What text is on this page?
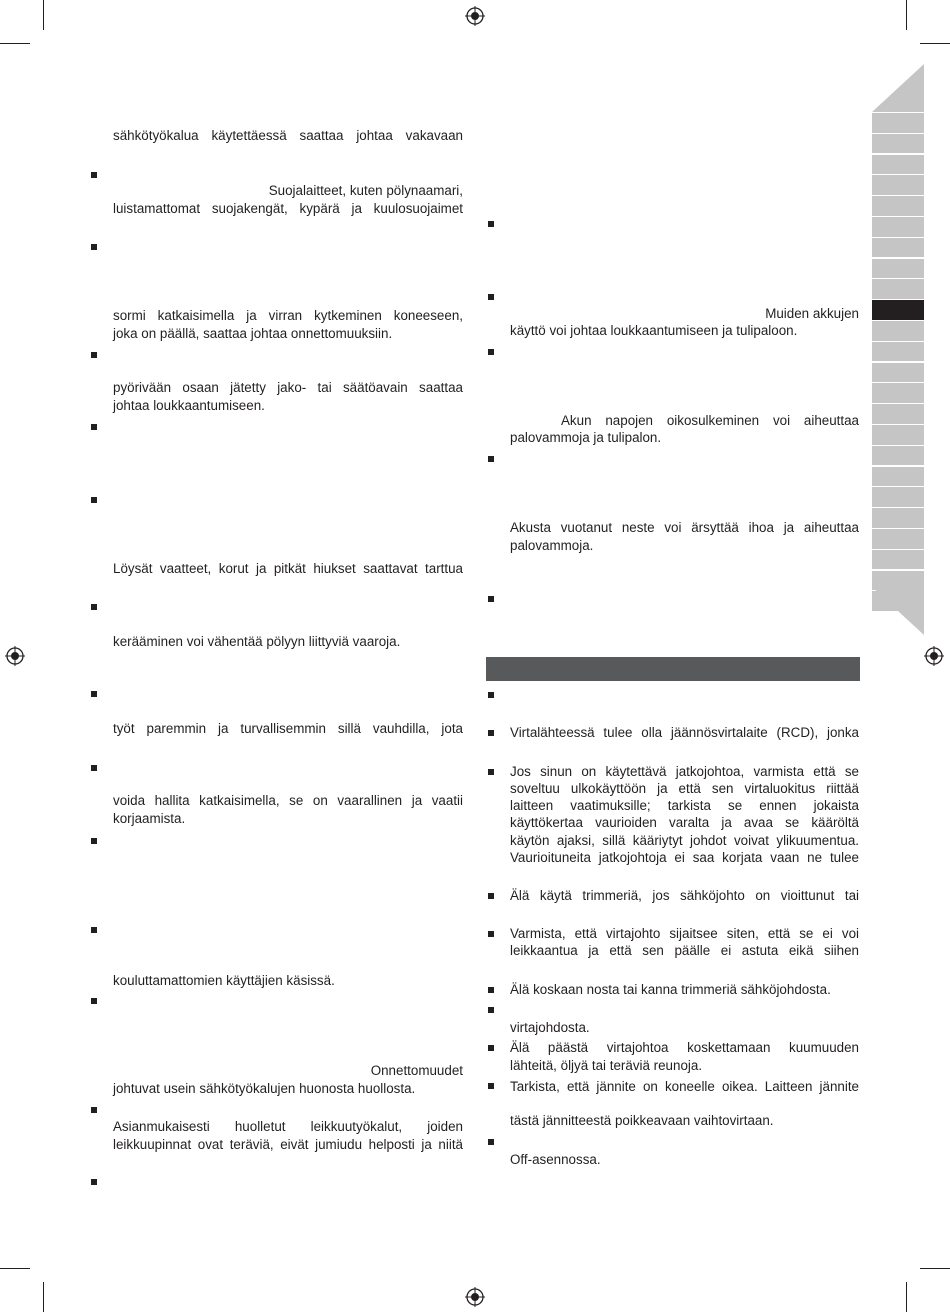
sähkötyökalua käytettäessä saattaa johtaa vakavaan
Suojalaitteet, kuten pölynaamari,
luistamattomat suojakengät, kypärä ja kuulosuojaimet
sormi katkaisimella ja virran kytkeminen koneeseen,
joka on päällä, saattaa johtaa onnettomuuksiin.
pyörivään osaan jätetty jako- tai säätöavain saattaa
johtaa loukkaantumiseen.
Löysät vaatteet, korut ja pitkät hiukset saattavat tarttua
kerääminen voi vähentää pölyyn liittyviä vaaroja.
työt paremmin ja turvallisemmin sillä vauhdilla, jota
voida hallita katkaisimella, se on vaarallinen ja vaatii
korjaamista.
kouluttamattomien käyttäjien käsissä.
Onnettomuudet
johtuvat usein sähkötyökalujen huonosta huollosta.
Asianmukaisesti huolletut leikkuutyökalut, joiden
leikkuupinnat ovat teräviä, eivät jumiudu helposti ja niitä
Muiden akkujen
käyttö voi johtaa loukkaantumiseen ja tulipaloon.
Akun napojen oikosulkeminen voi aiheuttaa
palovammoja ja tulipalon.
Akusta vuotanut neste voi ärsyttää ihoa ja aiheuttaa
palovammoja.
Virtalähteessä tulee olla jäännösvirtalaite (RCD), jonka
Jos sinun on käytettävä jatkojohtoa, varmista että se
soveltuu ulkokäyttöön ja että sen virtaluokitus riittää
laitteen vaatimuksille; tarkista se ennen jokaista
käyttökertaa vaurioiden varalta ja avaa se kääröltä
käytön ajaksi, sillä kääriytyt johdot voivat ylikuumentua.
Vaurioituneita jatkojohtoja ei saa korjata vaan ne tulee
Älä käytä trimmeriä, jos sähköjohto on vioittunut tai
Varmista, että virtajohto sijaitsee siten, että se ei voi
leikkaantua ja että sen päälle ei astuta eikä siihen
Älä koskaan nosta tai kanna trimmeriä sähköjohdosta.
virtajohdosta.
Älä päästä virtajohtoa koskettamaan kuumuuden
lähteitä, öljyä tai teräviä reunoja.
Tarkista, että jännite on koneelle oikea. Laitteen jännite
tästä jännitteestä poikkeavaan vaihtovirtaan.
Off-asennossa.
